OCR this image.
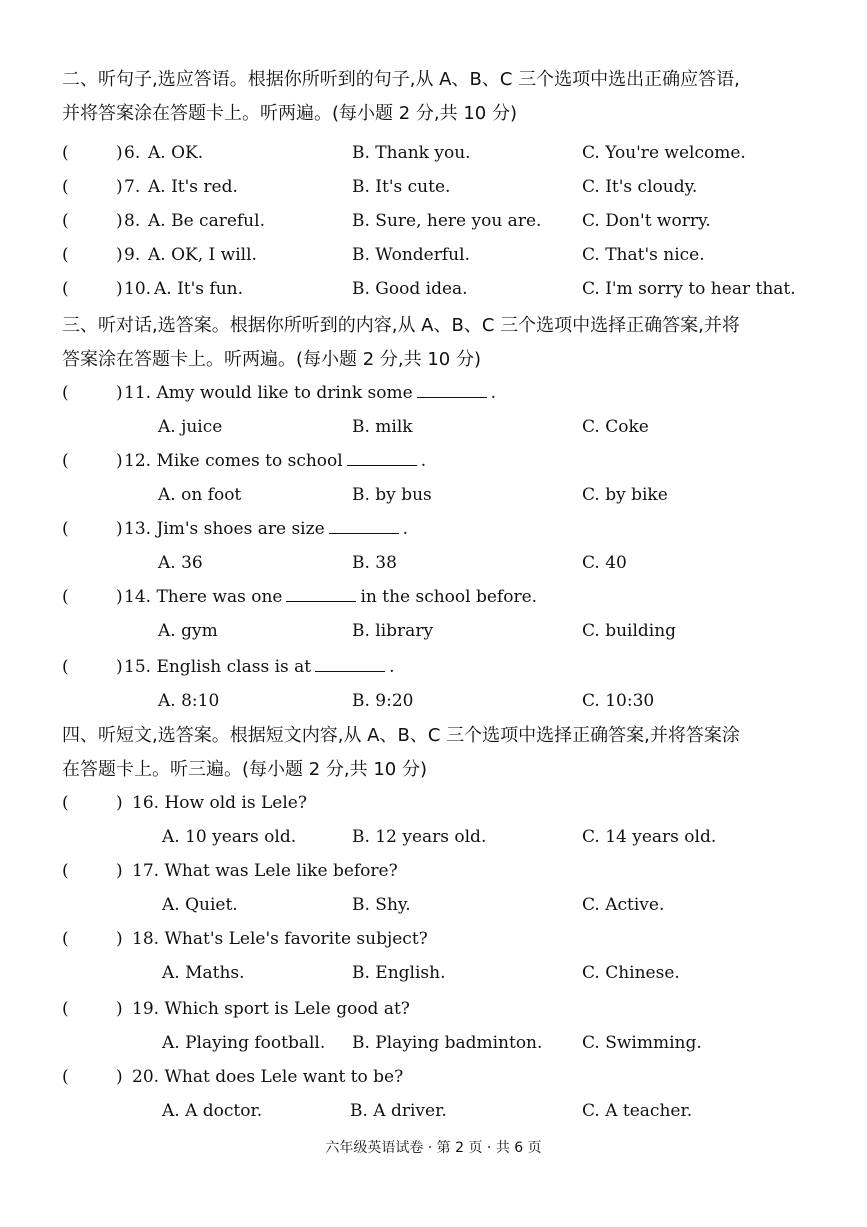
二、听句子,选应答语。根据你所听到的句子,从 A、B、C 三个选项中选出正确应答语,
并将答案涂在答题卡上。听两遍。(每小题 2 分,共 10 分)
(	) 6. A. OK.	B. Thank you.	C. You're welcome.
(	) 7. A. It's red.	B. It's cute.	C. It's cloudy.
(	) 8. A. Be careful.	B. Sure, here you are. C. Don't worry.
(	) 9. A. OK, I will.	B. Wonderful.	C. That's nice.
(	) 10. A. It's fun.	B. Good idea.	C. I'm sorry to hear that.
三、听对话,选答案。根据你所听到的内容,从 A、B、C 三个选项中选择正确答案,并将
答案涂在答题卡上。听两遍。(每小题 2 分,共 10 分)
(	) 11. Amy would like to drink some	.
A. juice	B. milk	C. Coke
(	) 12. Mike comes to school	.
A. on foot	B. by bus	C. by bike
(	) 13. Jim's shoes are size	.
A. 36	B. 38	C. 40
(	) 14. There was one	in the school before.
A. gym	B. library	C. building
(	) 15. English class is at	.
A. 8:10	B. 9:20	C. 10:30
四、听短文,选答案。根据短文内容,从 A、B、C 三个选项中选择正确答案,并将答案涂
在答题卡上。听三遍。(每小题 2 分,共 10 分)
(	) 16. How old is Lele?
A. 10 years old.	B. 12 years old.	C. 14 years old.
(	) 17. What was Lele like before?
A. Quiet.	B. Shy.	C. Active.
(	) 18. What's Lele's favorite subject?
A. Maths.	B. English.	C. Chinese.
(	) 19. Which sport is Lele good at?
A. Playing football. B. Playing badminton. C. Swimming.
(	) 20. What does Lele want to be?
A. A doctor.	B. A driver.	C. A teacher.
六年级英语试卷 · 第 2 页 · 共 6 页
